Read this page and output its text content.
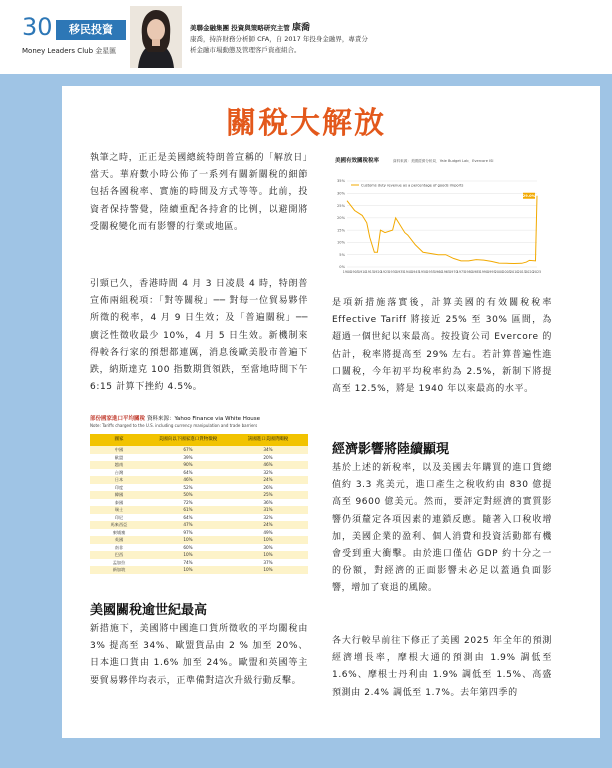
30	移民投資
Money Leaders Club 金星匯
美聯金融集團 投資與策略研究主管 康喬
康喬，持許財務分析師 CFA，自 2017 年投身金融界，專責分析金融市場動態及管理客戶資產組合。
關稅大解放

執筆之時，正正是美國總統特朗普宣稱的「解放日」當天。華府數小時公佈了一系列有關新關稅的細節包括各國稅率、實施的時間及方式等等。此前，投資者保持警覺，陸續重配各持倉的比例，以避開將受關稅變化而有影響的行業或地區。

引頸已久，香港時間 4 月 3 日凌晨 4 時，特朗普宣佈兩組税項：「對等關稅」── 對每一位貿易夥伴所徵的税率，4 月 9 日生效；及「普遍關稅」── 廣泛性徵收最少 10%，4 月 5 日生效。新機制來得較各行家的預想都連厲，消息後歐美股市普遍下跌，納斯達克 100 指數期貨領跌，至當地時間下午 6:15 計算下挫約 4.5%。

部份國家進口平均關稅 資料來源：Yahoo Finance via White House
Note: Tariffs charged to the U.S. including currency manipulation and trade barriers
國家	美國向以下國家進口貨物徵稅	該國進口美國貨關稅
中國	67%	34%
歐盟	39%	20%
越南	90%	46%
台灣	64%	32%
日本	46%	24%
印度	52%	26%
韓國	50%	25%
泰國	72%	36%
瑞士	61%	31%
印尼	64%	32%
馬來西亞	47%	24%
柬埔寨	97%	49%
英國	10%	10%
南非	60%	30%
巴西	10%	10%
孟加拉	74%	37%
新加坡	10%	10%
美國關稅逾世紀最高

新措施下，美國將中國進口貨所徵收的平均關稅由 3% 提高至 34%、歐盟貨品由 2 % 加至 20%、日本進口貨由 1.6% 加至 24%。歐盟和英國等主要貿易夥伴均表示，正準備對這次升級行動反擊。

美國有效關稅稅率	資料來源：美國經濟分析局．Yale Budget Lab．Evercore ISI
0%
5%
10%
15%
20%
25%
30%
35%
1900 1905 1910 1915 1920 1925 1930 1935 1940 1945 1950 1955 1960 1965 1970 1975 1980 1985 1990 1995 2000 2005 2010 2015 2020 2025
Customs duty revenue as a percentage of goods imports
29.0%

是項新措施落實後，計算美國的有效關稅稅率 Effective Tariff 將接近 25% 至 30% 區間，為超過一個世紀以來最高。按投資公司 Evercore 的估計，稅率將提高至 29% 左右。若計算普遍性進口關稅，今年初平均稅率約為 2.5%，新制下將提高至 12.5%，將是 1940 年以來最高的水平。

經濟影響將陸續顯現

基於上述的新稅率，以及美國去年購買的進口貨總值約 3.3 兆美元，進口產生之稅收約由 830 億提高至 9600 億美元。然而，要評定對經濟的實質影響仍須釐定各項因素的連鎖反應。隨著入口稅收增加，美國企業的盈利、個人消費和投資活動都有機會受到重大衝擊。由於進口僅佔 GDP 約十分之一的份額，對經濟的正面影響未必足以蓋過負面影響，增加了衰退的風險。

各大行較早前往下修正了美國 2025 年全年的預測經濟增長率，摩根大通的預測由 1.9% 調低至 1.6%、摩根士丹利由 1.9% 調低至 1.5%、高盛預測由 2.4% 調低至 1.7%。去年第四季的
